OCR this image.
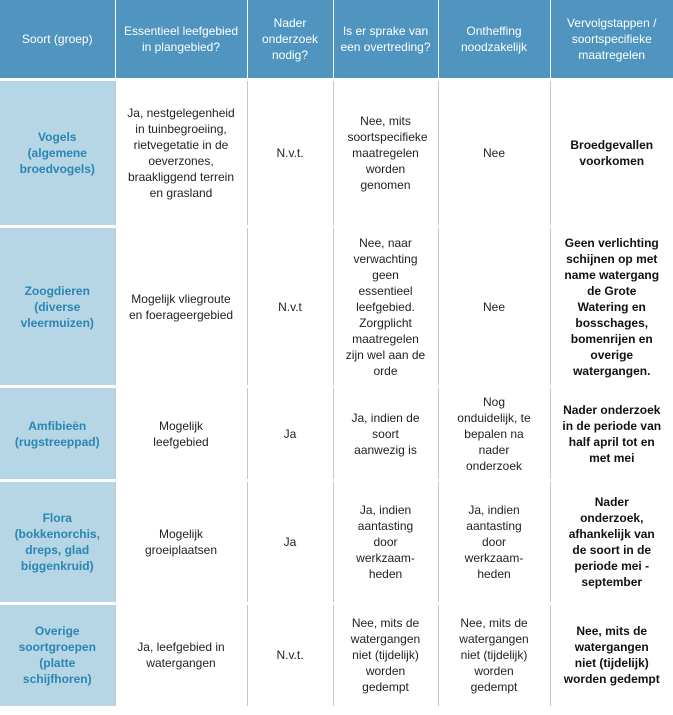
Soort (groep)	Essentieel leefgebied in plangebied?	Nader onderzoek nodig?	Is er sprake van een overtreding?	Ontheffing noodzakelijk	Vervolgstappen / soortspecifieke maatregelen

Vogels (algemene broedvogels)	Ja, nestgelegenheid in tuinbegroeiing, rietvegetatie in de oeverzones, braakliggend terrein en grasland	N.v.t.	Nee, mits soortspecifieke maatregelen worden genomen	Nee	Broedgevallen voorkomen

Zoogdieren (diverse vleermuizen)	Mogelijk vliegroute en foerageergebied	N.v.t	Nee, naar verwachting geen essentieel leefgebied. Zorgplicht maatregelen zijn wel aan de orde	Nee	Geen verlichting schijnen op met name watergang de Grote Watering en bosschages, bomenrijen en overige watergangen.

Amfibieën (rugstreeppad)	Mogelijk leefgebied	Ja	Ja, indien de soort aanwezig is	Nog onduidelijk, te bepalen na nader onderzoek	Nader onderzoek in de periode van half april tot en met mei

Flora (bokkenorchis, dreps, glad biggenkruid)	Mogelijk groeiplaatsen	Ja	Ja, indien aantasting door werkzaam-heden	Ja, indien aantasting door werkzaam-heden	Nader onderzoek, afhankelijk van de soort in de periode mei - september

Overige soortgroepen (platte schijfhoren)	Ja, leefgebied in watergangen	N.v.t.	Nee, mits de watergangen niet (tijdelijk) worden gedempt	Nee, mits de watergangen niet (tijdelijk) worden gedempt	Nee, mits de watergangen niet (tijdelijk) worden gedempt
